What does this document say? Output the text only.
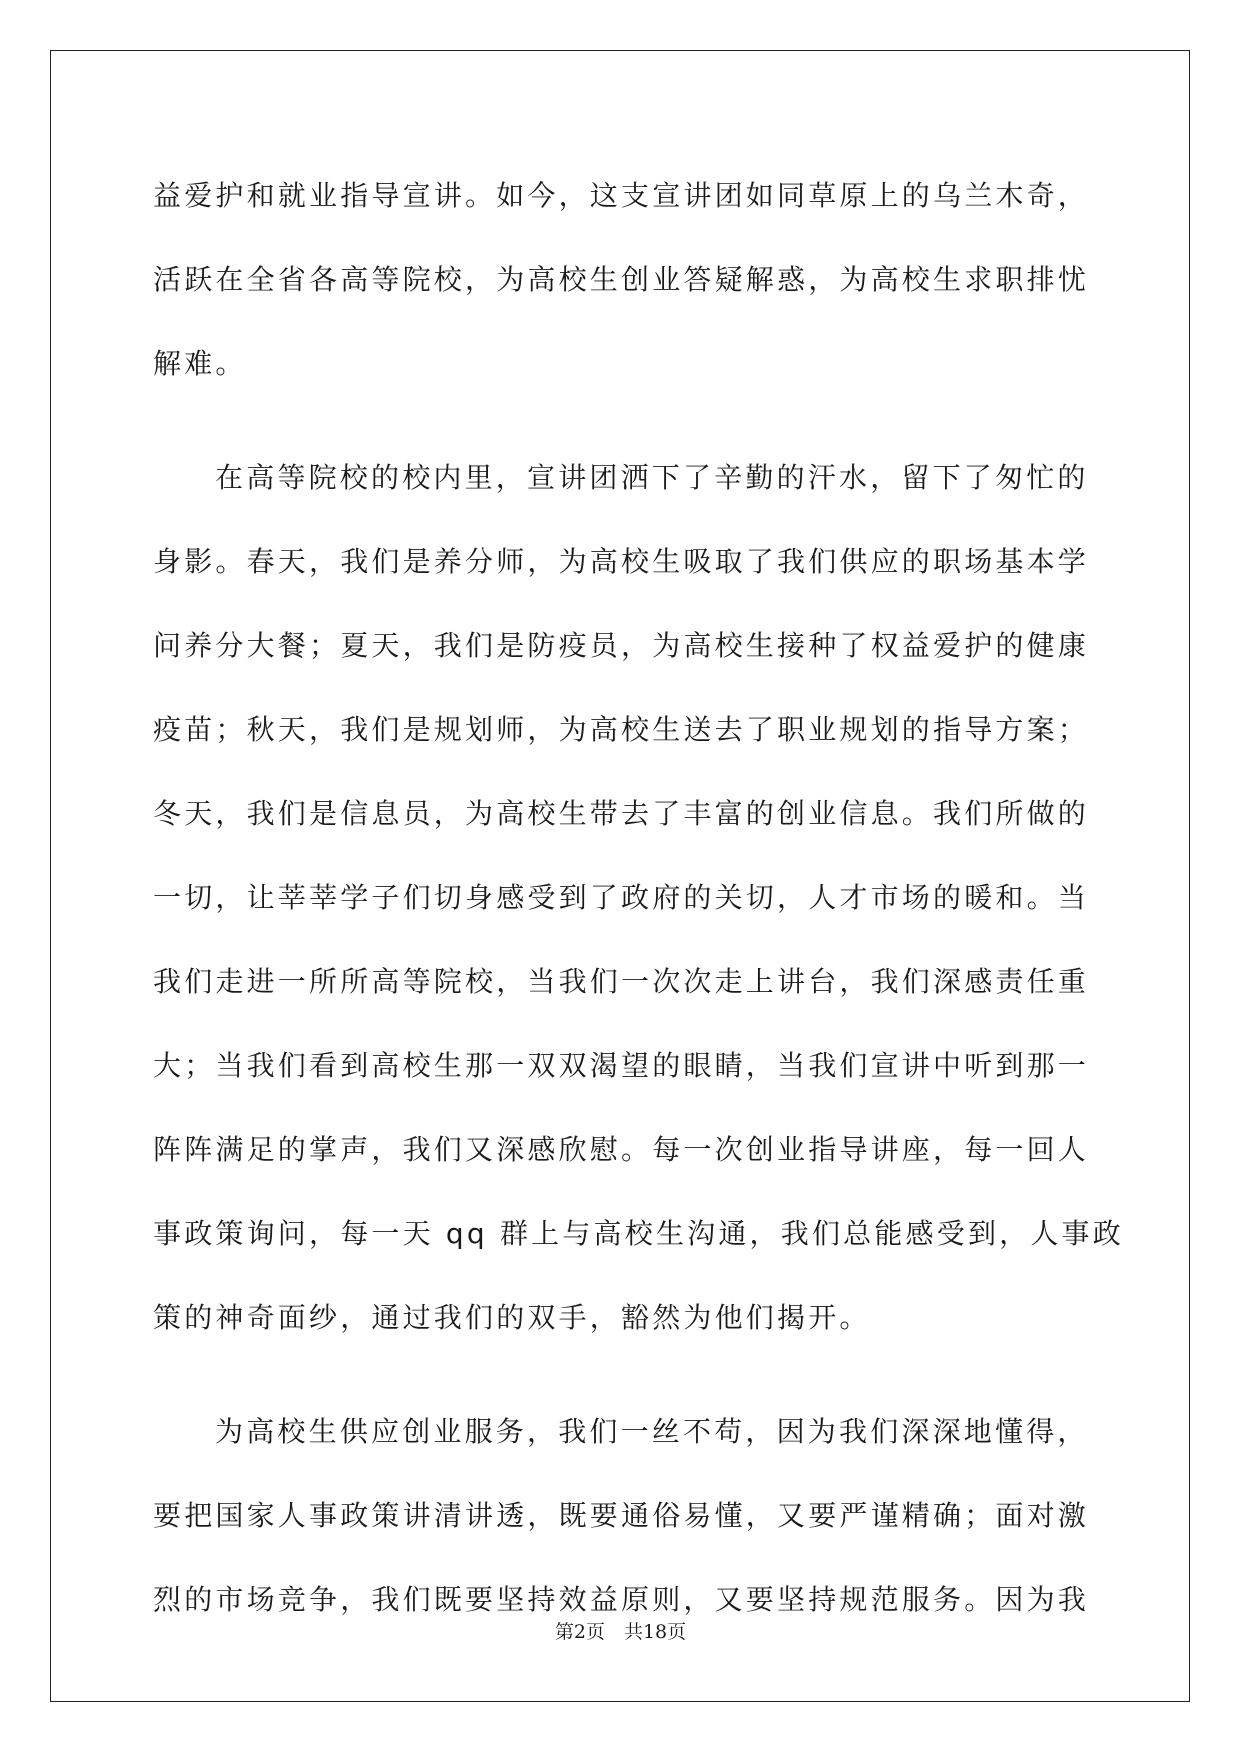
益爱护和就业指导宣讲。如今，这支宣讲团如同草原上的乌兰木奇，

活跃在全省各高等院校，为高校生创业答疑解惑，为高校生求职排忧

解难。

在高等院校的校内里，宣讲团洒下了辛勤的汗水，留下了匆忙的

身影。春天，我们是养分师，为高校生吸取了我们供应的职场基本学

问养分大餐；夏天，我们是防疫员，为高校生接种了权益爱护的健康

疫苗；秋天，我们是规划师，为高校生送去了职业规划的指导方案；

冬天，我们是信息员，为高校生带去了丰富的创业信息。我们所做的

一切，让莘莘学子们切身感受到了政府的关切，人才市场的暖和。当

我们走进一所所高等院校，当我们一次次走上讲台，我们深感责任重

大；当我们看到高校生那一双双渴望的眼睛，当我们宣讲中听到那一

阵阵满足的掌声，我们又深感欣慰。每一次创业指导讲座，每一回人

事政策询问，每一天 qq 群上与高校生沟通，我们总能感受到，人事政

策的神奇面纱，通过我们的双手，豁然为他们揭开。

为高校生供应创业服务，我们一丝不苟，因为我们深深地懂得，

要把国家人事政策讲清讲透，既要通俗易懂，又要严谨精确；面对激

烈的市场竞争，我们既要坚持效益原则，又要坚持规范服务。因为我

第2页　共18页
